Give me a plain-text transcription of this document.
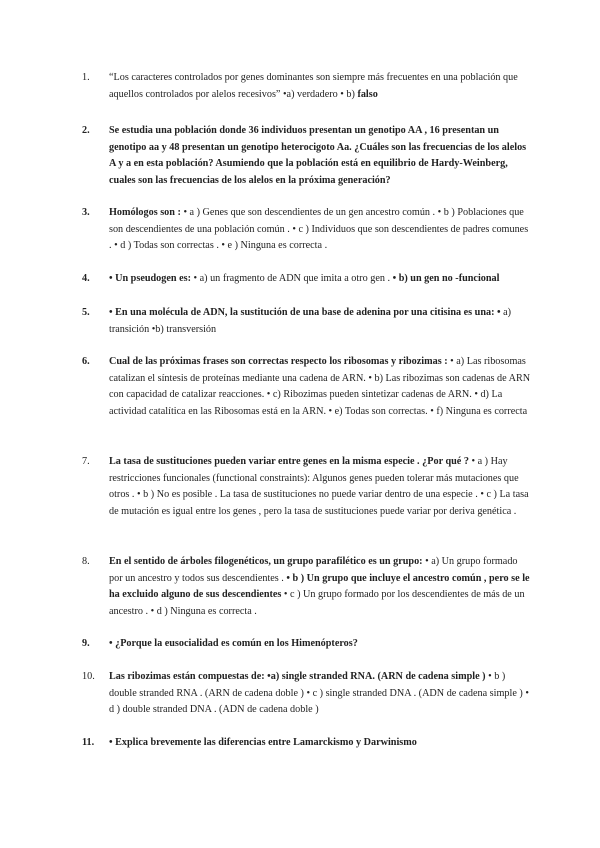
1.	“Los caracteres controlados por genes dominantes son siempre más frecuentes en una población que aquellos controlados por alelos recesivos” •a) verdadero • b) falso
2.	Se estudia una población donde 36 individuos presentan un genotipo AA , 16 presentan un genotipo aa y 48 presentan un genotipo heterocigoto Aa. ¿Cuáles son las frecuencias de los alelos A y a en esta población? Asumiendo que la población está en equilibrio de Hardy-Weinberg, cuales son las frecuencias de los alelos en la próxima generación?
3.	Homólogos son : • a ) Genes que son descendientes de un gen ancestro común . • b ) Poblaciones que son descendientes de una población común . • c ) Individuos que son descendientes de padres comunes . • d ) Todas son correctas . • e ) Ninguna es correcta .
4.	• Un pseudogen es: • a) un fragmento de ADN que imita a otro gen . • b) un gen no -funcional
5.	• En una molécula de ADN, la sustitución de una base de adenina por una citisina es una: • a) transición •b) transversión
6.	Cual de las próximas frases son correctas respecto los ribosomas y ribozimas : • a) Las ribosomas catalizan el síntesis de proteínas mediante una cadena de ARN. • b) Las ribozimas son cadenas de ARN con capacidad de catalizar reacciones. • c) Ribozimas pueden sintetizar cadenas de ARN. • d) La actividad catalítica en las Ribosomas está en la ARN. • e) Todas son correctas. • f) Ninguna es correcta
7.	La tasa de sustituciones pueden variar entre genes en la misma especie . ¿Por qué ? • a ) Hay restricciones funcionales (functional constraints): Algunos genes pueden tolerar más mutaciones que otros . • b ) No es posible . La tasa de sustituciones no puede variar dentro de una especie . • c ) La tasa de mutación es igual entre los genes , pero la tasa de sustituciones puede variar por deriva genética .
8.	En el sentido de árboles filogenéticos, un grupo parafilético es un grupo: • a) Un grupo formado por un ancestro y todos sus descendientes . • b ) Un grupo que incluye el ancestro común , pero se le ha excluido alguno de sus descendientes • c ) Un grupo formado por los descendientes de más de un ancestro . • d ) Ninguna es correcta .
9.	• ¿Porque la eusocialidad es común en los Himenópteros?
10.	Las ribozimas están compuestas de: •a) single stranded RNA. (ARN de cadena simple ) • b ) double stranded RNA . (ARN de cadena doble ) • c ) single stranded DNA . (ADN de cadena simple ) • d ) double stranded DNA . (ADN de cadena doble )
11.	• Explica brevemente las diferencias entre Lamarckismo y Darwinismo
